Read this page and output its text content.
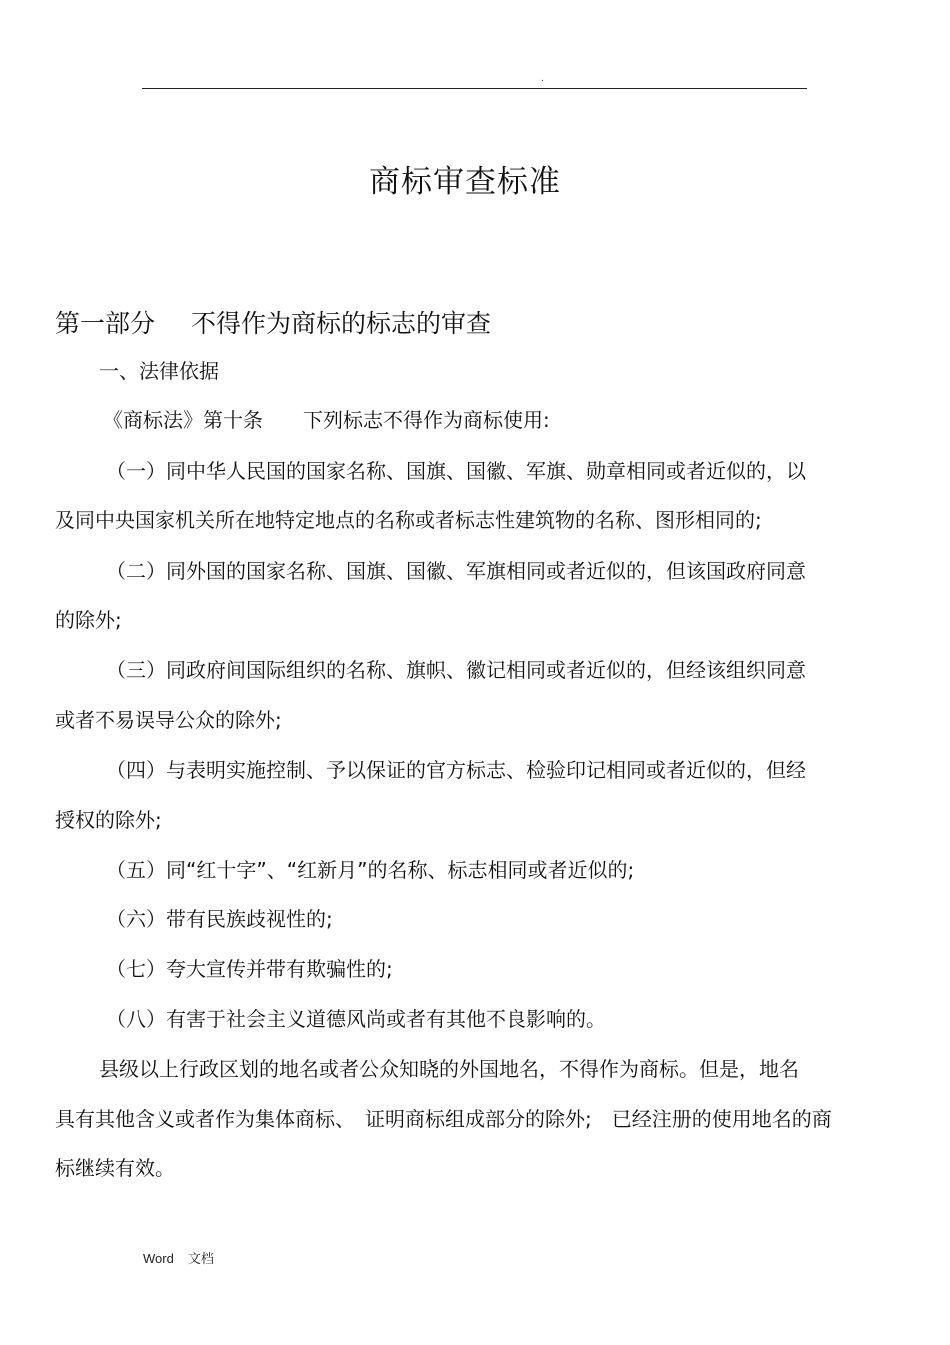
.
商标审查标准
第一部分 不得作为商标的标志的审查
一、法律依据
《商标法》第十条　　下列标志不得作为商标使用:
（一）同中华人民国的国家名称、国旗、国徽、军旗、勋章相同或者近似的，以
及同中央国家机关所在地特定地点的名称或者标志性建筑物的名称、图形相同的;
（二）同外国的国家名称、国旗、国徽、军旗相同或者近似的，但该国政府同意
的除外;
（三）同政府间国际组织的名称、旗帜、徽记相同或者近似的，但经该组织同意
或者不易误导公众的除外;
（四）与表明实施控制、予以保证的官方标志、检验印记相同或者近似的，但经
授权的除外;
（五）同“红十字”、“红新月”的名称、标志相同或者近似的;
（六）带有民族歧视性的;
（七）夸大宣传并带有欺骗性的;
（八）有害于社会主义道德风尚或者有其他不良影响的。
县级以上行政区划的地名或者公众知晓的外国地名，不得作为商标。但是，地名
具有其他含义或者作为集体商标、　证明商标组成部分的除外;　已经注册的使用地名的商
标继续有效。
Word 文档
